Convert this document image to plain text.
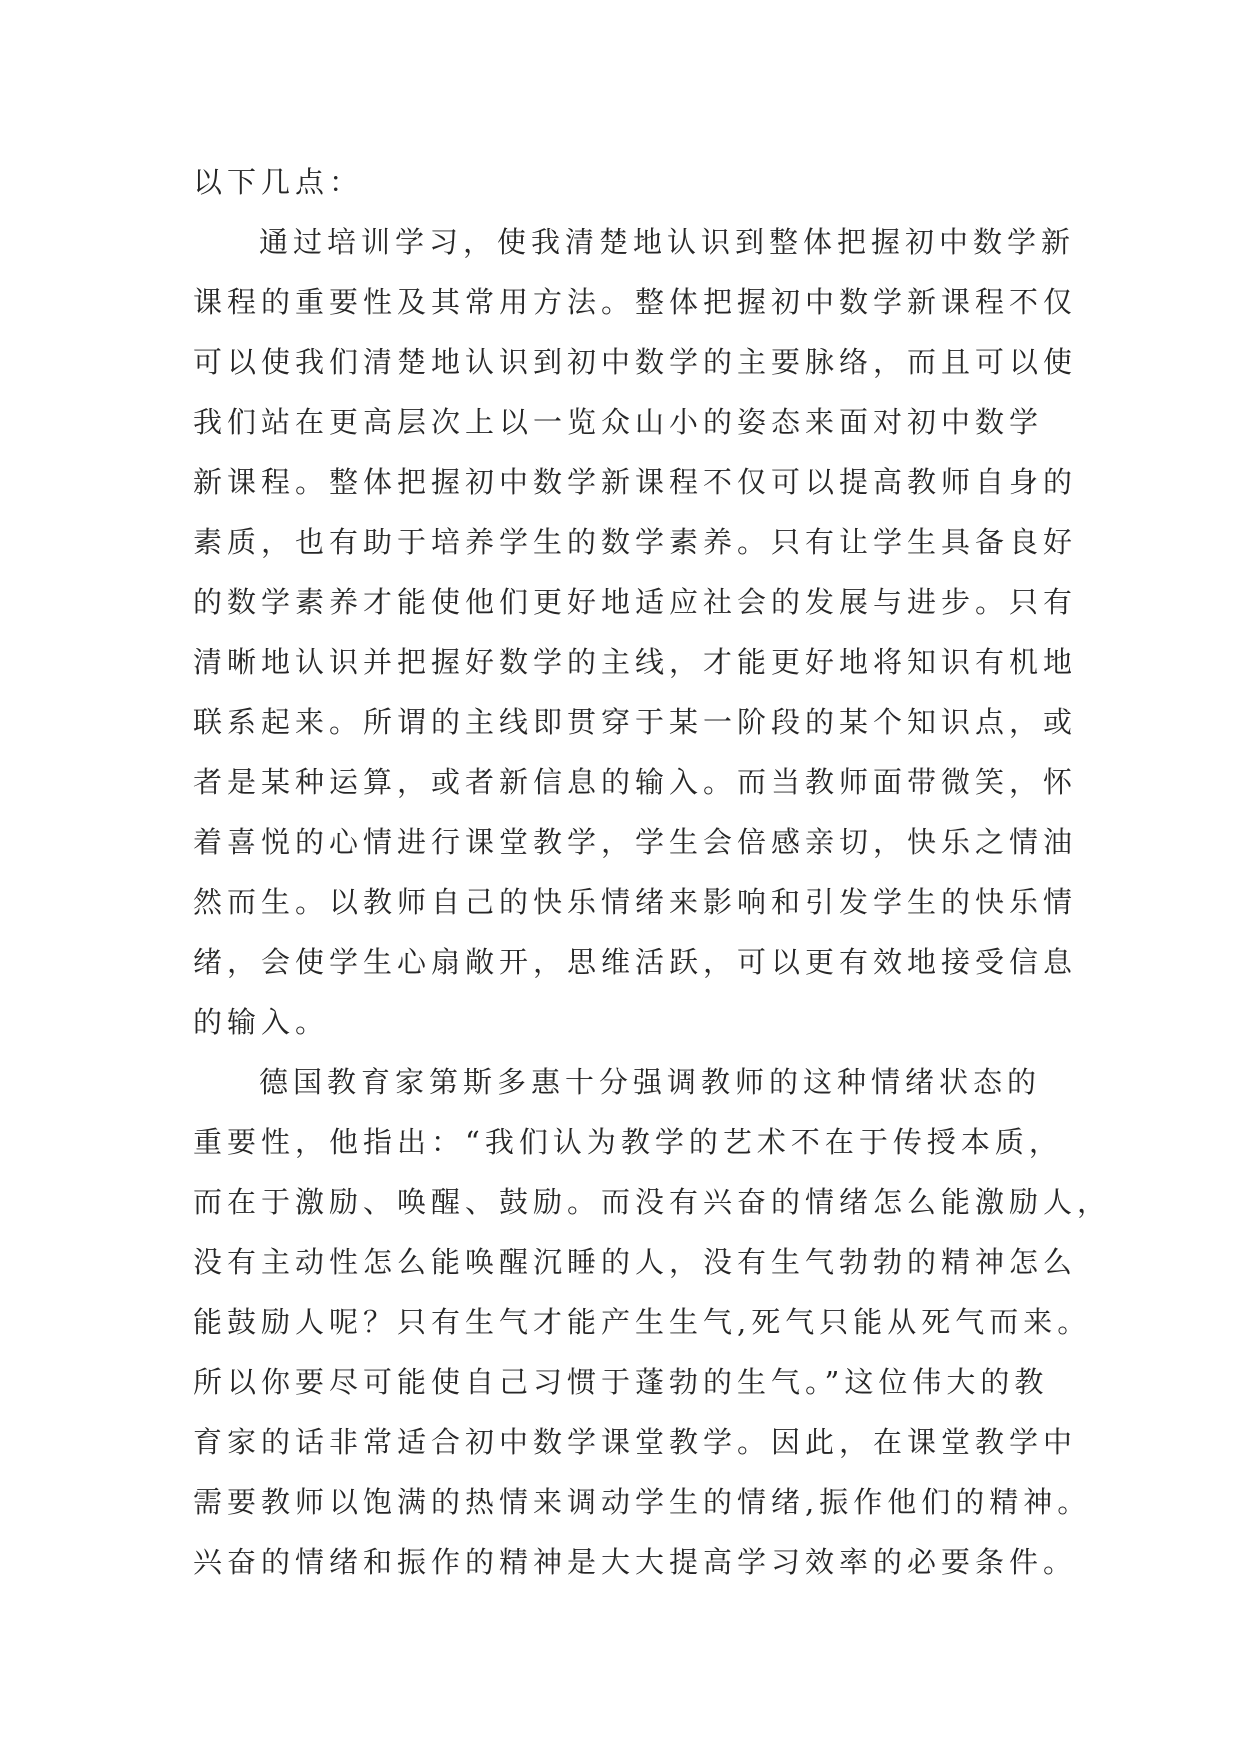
以下几点：
通过培训学习，使我清楚地认识到整体把握初中数学新
课程的重要性及其常用方法。整体把握初中数学新课程不仅
可以使我们清楚地认识到初中数学的主要脉络，而且可以使
我们站在更高层次上以一览众山小的姿态来面对初中数学
新课程。整体把握初中数学新课程不仅可以提高教师自身的
素质，也有助于培养学生的数学素养。只有让学生具备良好
的数学素养才能使他们更好地适应社会的发展与进步。只有
清晰地认识并把握好数学的主线，才能更好地将知识有机地
联系起来。所谓的主线即贯穿于某一阶段的某个知识点，或
者是某种运算，或者新信息的输入。而当教师面带微笑，怀
着喜悦的心情进行课堂教学，学生会倍感亲切，快乐之情油
然而生。以教师自己的快乐情绪来影响和引发学生的快乐情
绪，会使学生心扇敞开，思维活跃，可以更有效地接受信息
的输入。
德国教育家第斯多惠十分强调教师的这种情绪状态的
重要性，他指出：“我们认为教学的艺术不在于传授本质，
而在于激励、唤醒、鼓励。而没有兴奋的情绪怎么能激励人，
没有主动性怎么能唤醒沉睡的人，没有生气勃勃的精神怎么
能鼓励人呢？只有生气才能产生生气,死气只能从死气而来。
所以你要尽可能使自己习惯于蓬勃的生气。”这位伟大的教
育家的话非常适合初中数学课堂教学。因此，在课堂教学中
需要教师以饱满的热情来调动学生的情绪,振作他们的精神。
兴奋的情绪和振作的精神是大大提高学习效率的必要条件。
